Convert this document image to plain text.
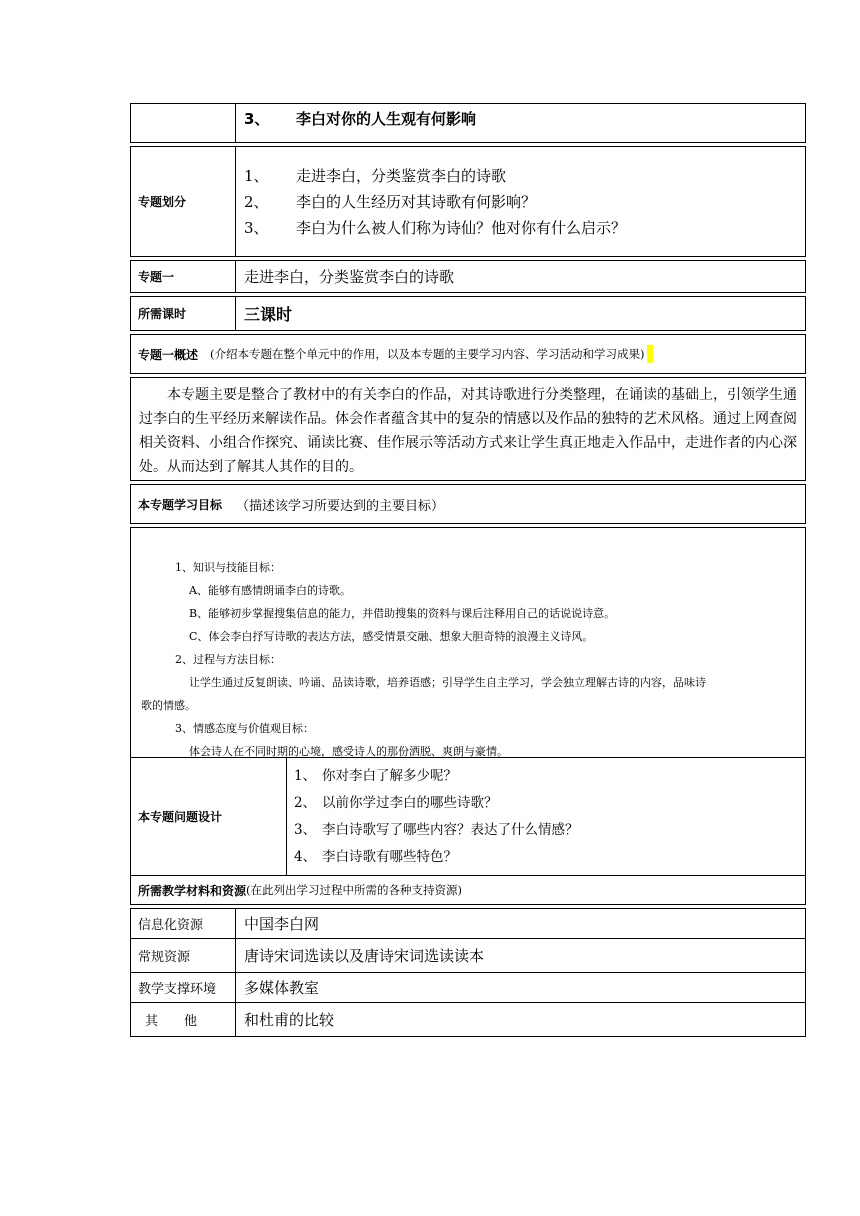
3、	李白对你的人生观有何影响
专题划分
1、	走进李白，分类鉴赏李白的诗歌
2、	李白的人生经历对其诗歌有何影响？
3、	李白为什么被人们称为诗仙？他对你有什么启示？
专题一	走进李白，分类鉴赏李白的诗歌
所需课时	三课时
专题一概述 (介绍本专题在整个单元中的作用，以及本专题的主要学习内容、学习活动和学习成果)
本专题主要是整合了教材中的有关李白的作品，对其诗歌进行分类整理，在诵读的基础上，引领学生通过李白的生平经历来解读作品。体会作者蕴含其中的复杂的情感以及作品的独特的艺术风格。通过上网查阅相关资料、小组合作探究、诵读比赛、佳作展示等活动方式来让学生真正地走入作品中，走进作者的内心深处。从而达到了解其人其作的目的。
本专题学习目标 （描述该学习所要达到的主要目标）
1、知识与技能目标：
A、能够有感情朗诵李白的诗歌。
B、能够初步掌握搜集信息的能力，并借助搜集的资料与课后注释用自己的话说说诗意。
C、体会李白抒写诗歌的表达方法，感受情景交融、想象大胆奇特的浪漫主义诗风。
2、过程与方法目标：
让学生通过反复朗读、吟诵、品读诗歌，培养语感；引导学生自主学习，学会独立理解古诗的内容，品味诗
歌的情感。
3、情感态度与价值观目标：
体会诗人在不同时期的心境，感受诗人的那份洒脱、爽朗与豪情。
本专题问题设计
1、 你对李白了解多少呢？
2、 以前你学过李白的哪些诗歌？
3、 李白诗歌写了哪些内容？表达了什么情感？
4、 李白诗歌有哪些特色？
所需教学材料和资源 (在此列出学习过程中所需的各种支持资源)
信息化资源	中国李白网
常规资源	唐诗宋词选读以及唐诗宋词选读读本
教学支撑环境	多媒体教室
其　　他	和杜甫的比较
